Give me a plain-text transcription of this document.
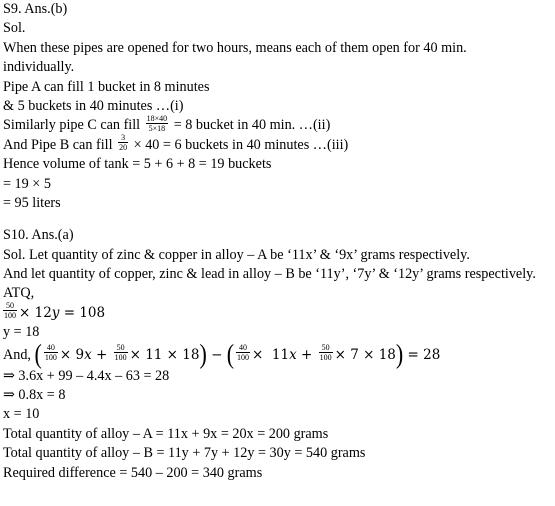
S9. Ans.(b)
Sol.
When these pipes are opened for two hours, means each of them open for 40 min.
individually.
Pipe A can fill 1 bucket in 8 minutes
& 5 buckets in 40 minutes …(i)
Similarly pipe C can fill $\frac{18\times 40}{5\times 18} = 8$ bucket in 40 min. …(ii)
And Pipe B can fill $\frac{3}{20} \times 40 = 6$ buckets in 40 minutes …(iii)
Hence volume of tank = 5 + 6 + 8 = 19 buckets
= 19 × 5
= 95 liters
S10. Ans.(a)
Sol. Let quantity of zinc & copper in alloy – A be ‘11x’ & ‘9x’ grams respectively.
And let quantity of copper, zinc & lead in alloy – B be ‘11y’, ‘7y’ & ‘12y’ grams respectively.
ATQ,
$\frac{50}{100} \times 12y = 108$
y = 18
And, ( $\frac{40}{100} \times 9x + \frac{50}{100} \times 11 \times 18$) − ( $\frac{40}{100} \times 11x + \frac{50}{100} \times 7 \times 18) = 28$
⇒ 3.6x + 99 – 4.4x – 63 = 28
⇒ 0.8x = 8
x = 10
Total quantity of alloy – A = 11x + 9x = 20x = 200 grams
Total quantity of alloy – B = 11y + 7y + 12y = 30y = 540 grams
Required difference = 540 – 200 = 340 grams
